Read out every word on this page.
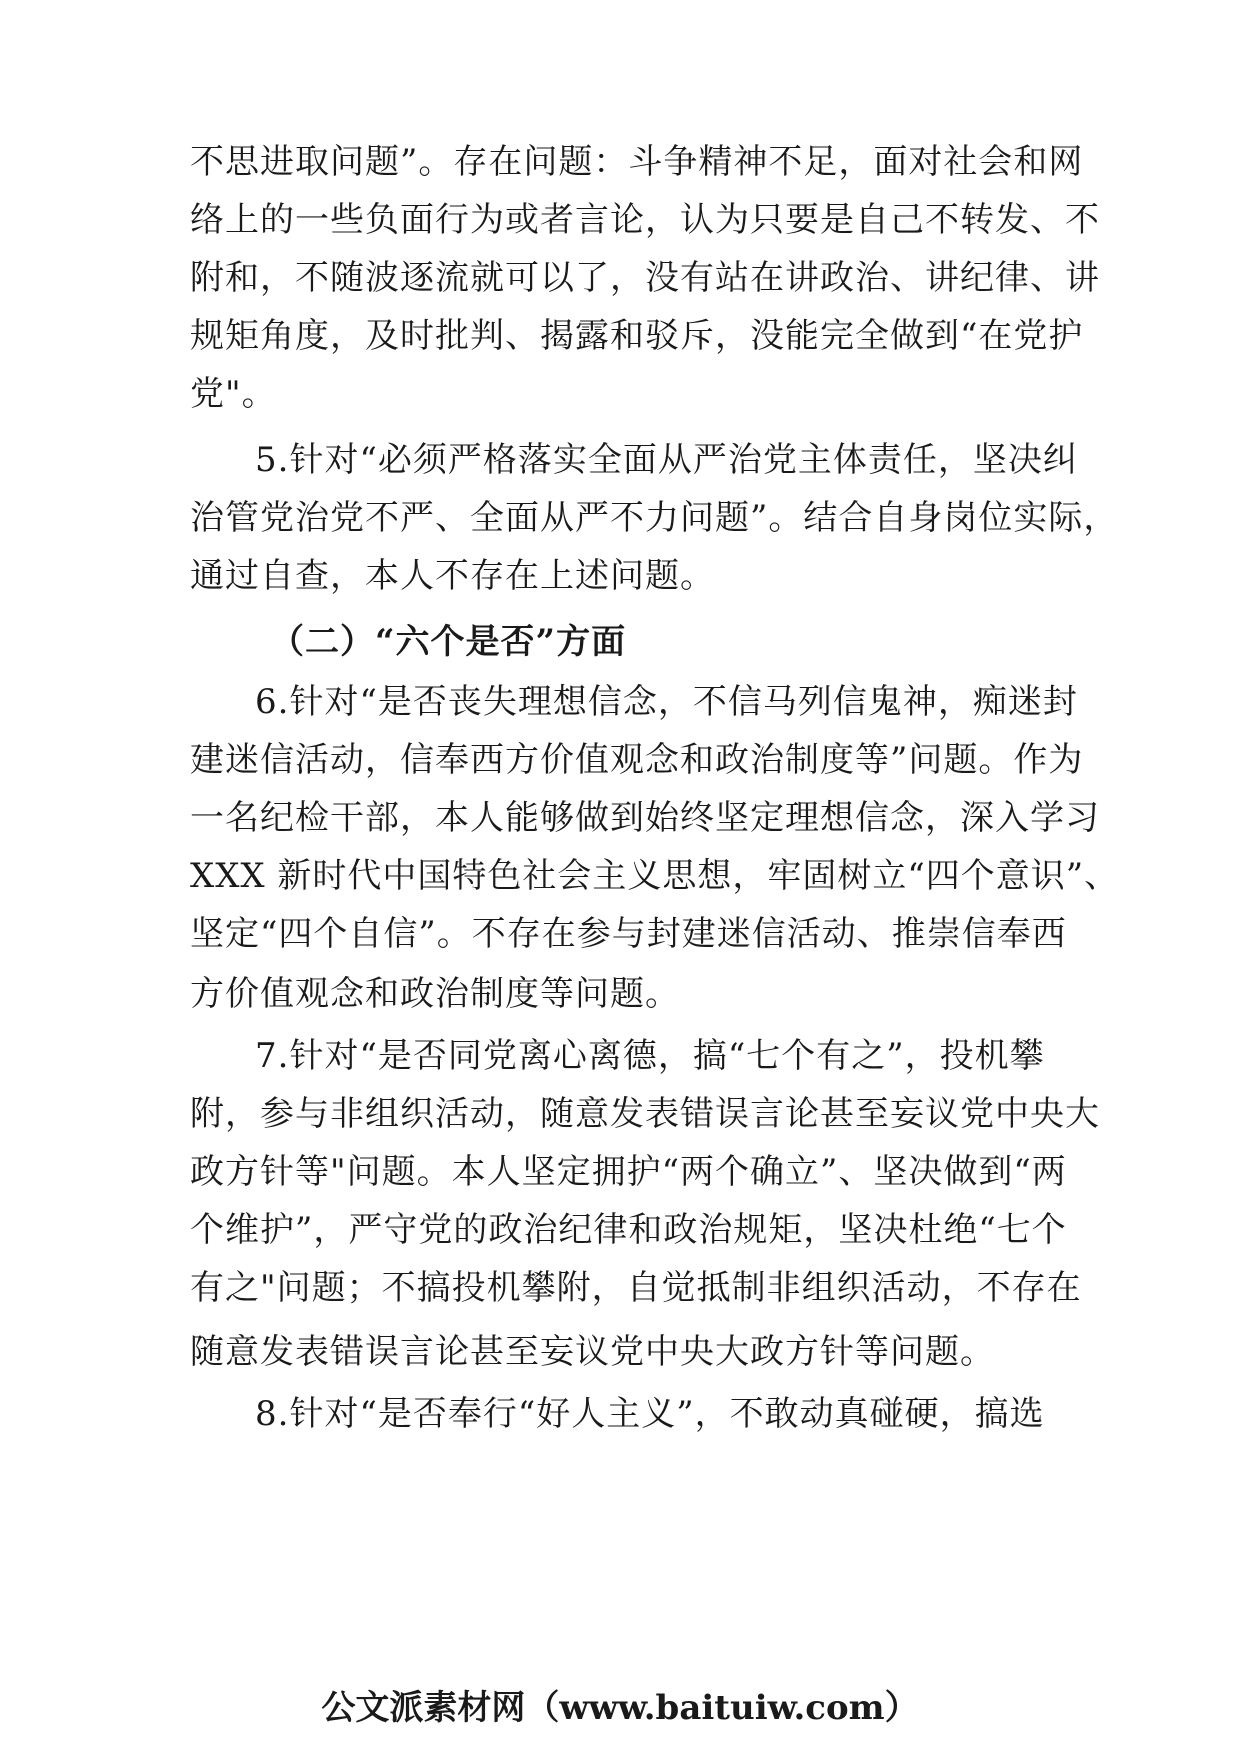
不思进取问题”。存在问题：斗争精神不足，面对社会和网
络上的一些负面行为或者言论，认为只要是自己不转发、不
附和，不随波逐流就可以了，没有站在讲政治、讲纪律、讲
规矩角度，及时批判、揭露和驳斥，没能完全做到“在党护
党"。
5.针对“必须严格落实全面从严治党主体责任，坚决纠
治管党治党不严、全面从严不力问题”。结合自身岗位实际，
通过自查，本人不存在上述问题。
（二）“六个是否”方面
6.针对“是否丧失理想信念，不信马列信鬼神，痴迷封
建迷信活动，信奉西方价值观念和政治制度等”问题。作为
一名纪检干部，本人能够做到始终坚定理想信念，深入学习
XXX 新时代中国特色社会主义思想，牢固树立“四个意识”、
坚定“四个自信”。不存在参与封建迷信活动、推崇信奉西
方价值观念和政治制度等问题。
7.针对“是否同党离心离德，搞“七个有之”，投机攀
附，参与非组织活动，随意发表错误言论甚至妄议党中央大
政方针等"问题。本人坚定拥护“两个确立”、坚决做到“两
个维护”，严守党的政治纪律和政治规矩，坚决杜绝“七个
有之"问题；不搞投机攀附，自觉抵制非组织活动，不存在
随意发表错误言论甚至妄议党中央大政方针等问题。
8.针对“是否奉行“好人主义”，不敢动真碰硬，搞选
公文派素材网（www.baituiw.com）
